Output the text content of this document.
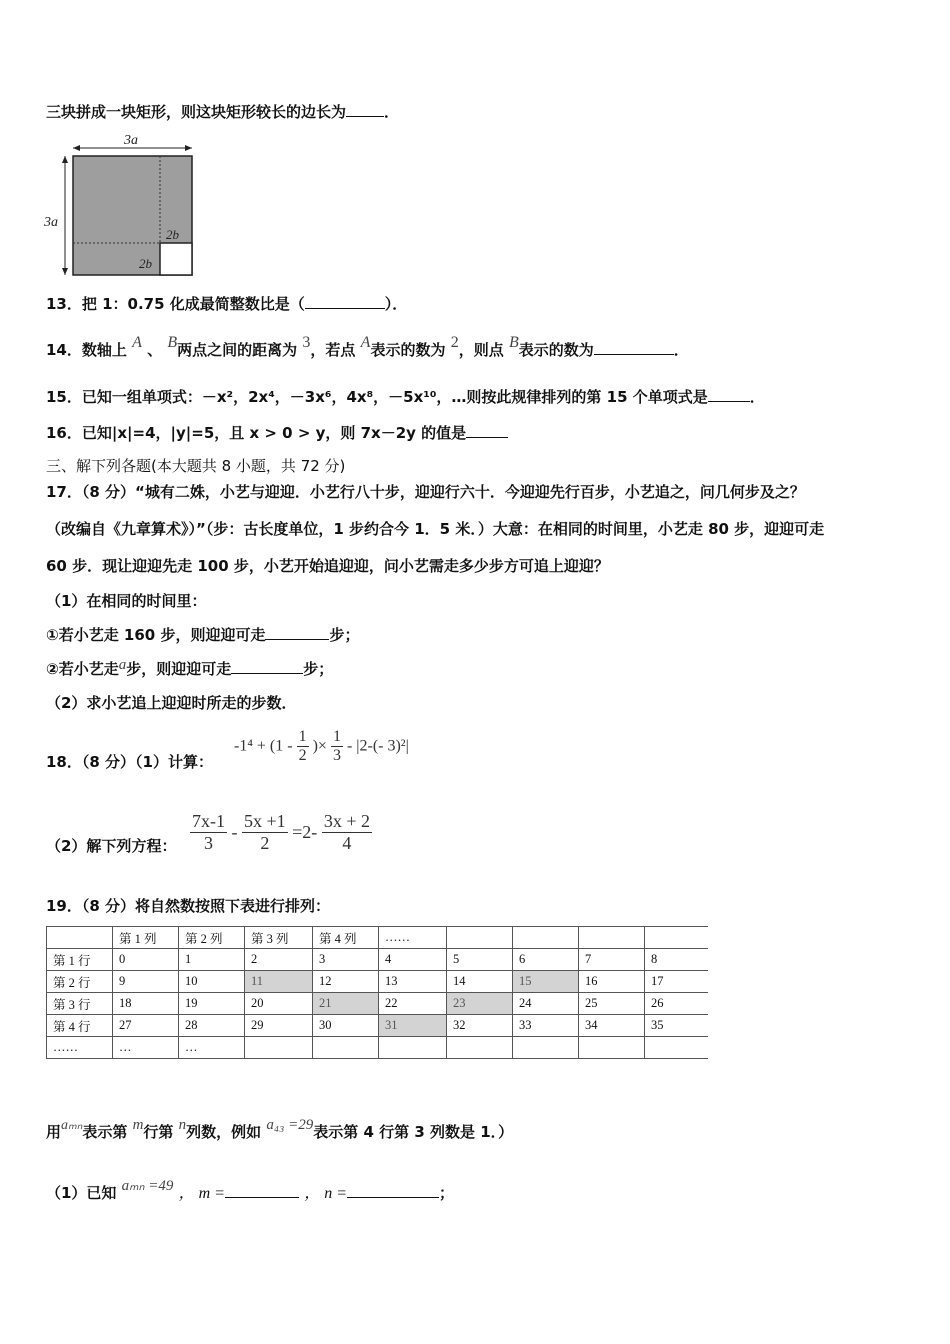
三块拼成一块矩形，则这块矩形较长的边长为	．
3a
3a
2b
2b
13．把 1：0.75 化成最简整数比是（	）．
14．数轴上 A 、 B两点之间的距离为 3，若点 A表示的数为 2，则点 B表示的数为	．
15．已知一组单项式：－x²，2x⁴，－3x⁶，4x⁸，－5x¹⁰，…则按此规律排列的第 15 个单项式是	．
16．已知|x|=4，|y|=5，且 x > 0 > y，则 7x－2y 的值是
三、解下列各题(本大题共 8 小题，共 72 分)
17．（8 分）“城有二姝，小艺与迎迎．小艺行八十步，迎迎行六十．今迎迎先行百步，小艺追之，问几何步及之？
（改编自《九章算术》）”（步：古长度单位，1 步约合今 1．5 米．）大意：在相同的时间里，小艺走 80 步，迎迎可走
60 步．现让迎迎先走 100 步，小艺开始追迎迎，问小艺需走多少步方可追上迎迎？
（1）在相同的时间里：
①若小艺走 160 步，则迎迎可走	步；
②若小艺走a步，则迎迎可走	步；
（2）求小艺追上迎迎时所走的步数．
18．（8 分）（1）计算：
$-1^4 + (1 - \frac{1}{2}$ )× $\frac{1}{3} - |2-(-$ 3)²|
（2）解下列方程： $\frac{7x-1}{3} - \frac{5x +1}{2} =2- \frac{3x + 2}{4}$
19．（8 分）将自然数按照下表进行排列：
	第 1 列	第 2 列	第 3 列	第 4 列	……				
第 1 行	0	1	2	3	4	5	6	7	8
第 2 行	9	10	11	12	13	14	15	16	17
第 3 行	18	19	20	21	22	23	24	25	26
第 4 行	27	28	29	30	31	32	33	34	35
……	…	…							
用aₘₙ表示第 m行第 n列数，例如 a₄₃ =29表示第 4 行第 3 列数是 1．）
（1）已知 aₘₙ =49 ， m =	， n =	；
